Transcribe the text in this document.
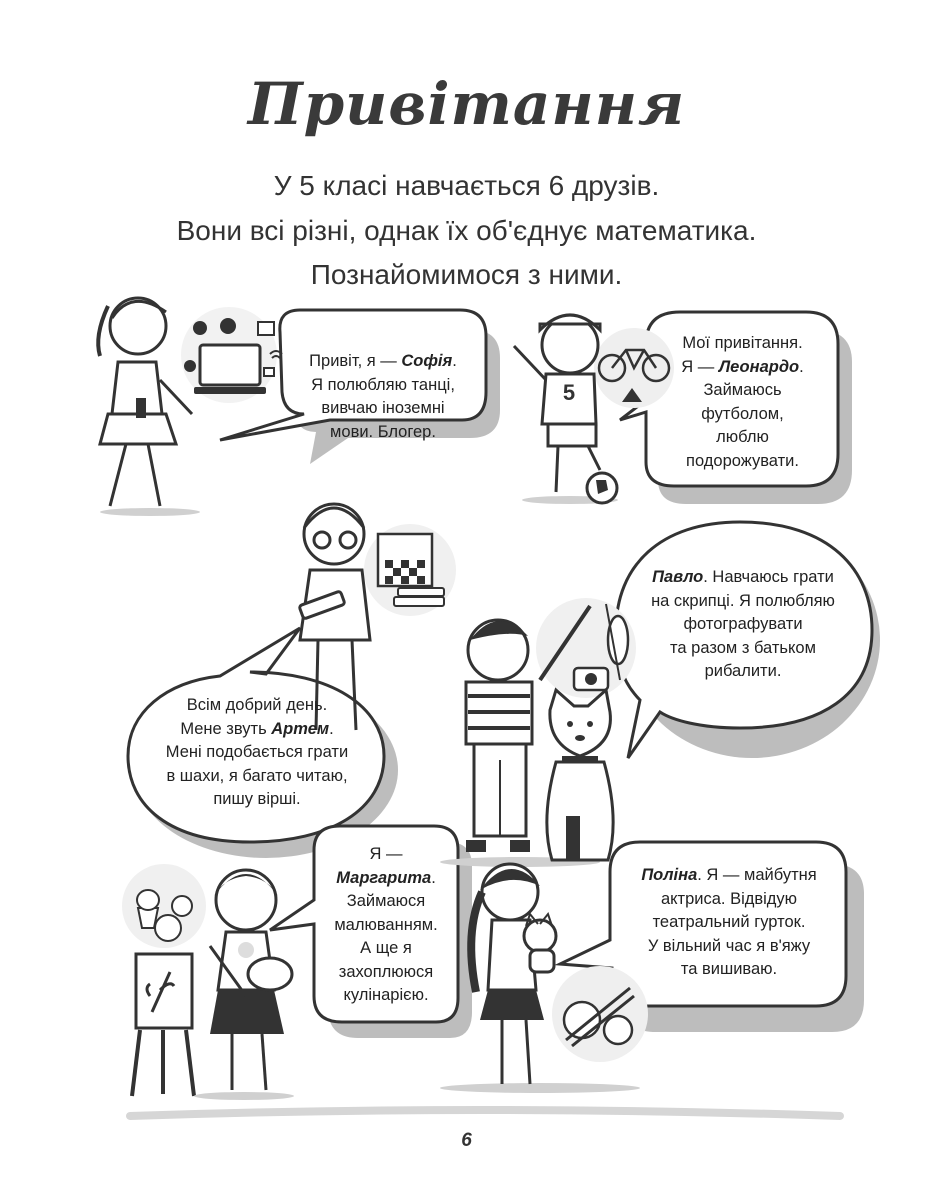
Привітання
У 5 класі навчається 6 друзів.
Вони всі різні, однак їх об'єднує математика.
Познайомимося з ними.
5
Привіт, я — Софія.
Я полюбляю танці,
вивчаю іноземні
мови. Блогер.
Мої привітання.
Я — Леонардо.
Займаюсь
футболом,
люблю
подорожувати.
Павло. Навчаюсь грати
на скрипці. Я полюбляю
фотографувати
та разом з батьком
рибалити.
Всім добрий день.
Мене звуть Артем.
Мені подобається грати
в шахи, я багато читаю,
пишу вірші.
Я —
Маргарита.
Займаюся
малюванням.
А ще я
захоплююся
кулінарією.
Поліна. Я — майбутня
актриса. Відвідую
театральний гурток.
У вільний час я в'яжу
та вишиваю.
6
